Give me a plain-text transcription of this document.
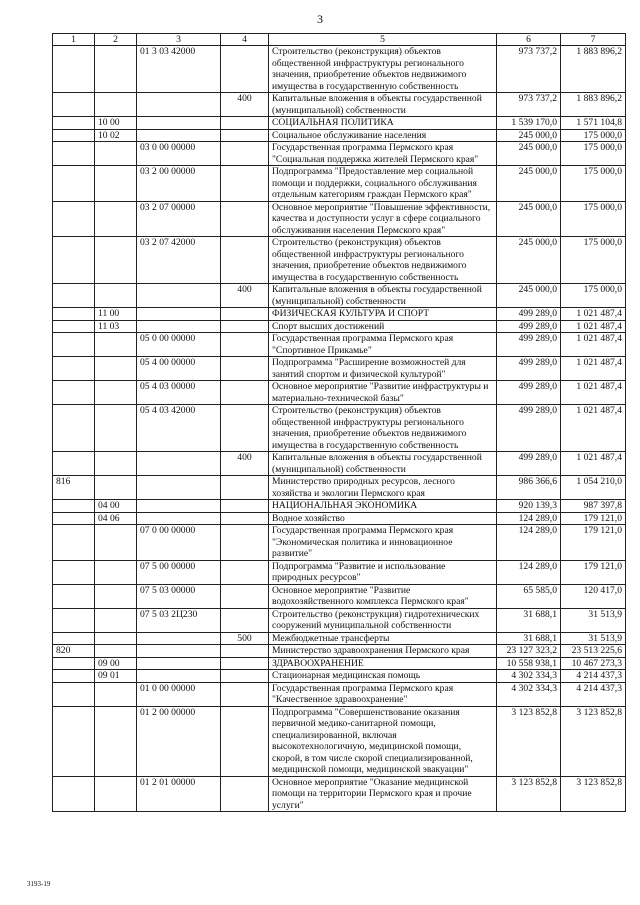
3
1	2	3	4	5	6	7
		01 3 03 42000		Строительство (реконструкция) объектов общественной инфраструктуры регионального значения, приобретение объектов недвижимого имущества в государственную собственность	973 737,2	1 883 896,2
			400	Капитальные вложения в объекты государственной (муниципальной) собственности	973 737,2	1 883 896,2
	10 00			СОЦИАЛЬНАЯ ПОЛИТИКА	1 539 170,0	1 571 104,8
	10 02			Социальное обслуживание населения	245 000,0	175 000,0
		03 0 00 00000		Государственная программа Пермского края "Социальная поддержка жителей Пермского края"	245 000,0	175 000,0
		03 2 00 00000		Подпрограмма "Предоставление мер социальной помощи и поддержки, социального обслуживания отдельным категориям граждан Пермского края"	245 000,0	175 000,0
		03 2 07 00000		Основное мероприятие "Повышение эффективности, качества и доступности услуг в сфере социального обслуживания населения Пермского края"	245 000,0	175 000,0
		03 2 07 42000		Строительство (реконструкция) объектов общественной инфраструктуры регионального значения, приобретение объектов недвижимого имущества в государственную собственность	245 000,0	175 000,0
			400	Капитальные вложения в объекты государственной (муниципальной) собственности	245 000,0	175 000,0
	11 00			ФИЗИЧЕСКАЯ КУЛЬТУРА И СПОРТ	499 289,0	1 021 487,4
	11 03			Спорт высших достижений	499 289,0	1 021 487,4
		05 0 00 00000		Государственная программа Пермского края "Спортивное Прикамье"	499 289,0	1 021 487,4
		05 4 00 00000		Подпрограмма "Расширение возможностей для занятий спортом и физической культурой"	499 289,0	1 021 487,4
		05 4 03 00000		Основное мероприятие "Развитие инфраструктуры и материально-технической базы"	499 289,0	1 021 487,4
		05 4 03 42000		Строительство (реконструкция) объектов общественной инфраструктуры регионального значения, приобретение объектов недвижимого имущества в государственную собственность	499 289,0	1 021 487,4
			400	Капитальные вложения в объекты государственной (муниципальной) собственности	499 289,0	1 021 487,4
816				Министерство природных ресурсов, лесного хозяйства и экологии Пермского края	986 366,6	1 054 210,0
	04 00			НАЦИОНАЛЬНАЯ ЭКОНОМИКА	920 139,3	987 397,8
	04 06			Водное хозяйство	124 289,0	179 121,0
		07 0 00 00000		Государственная программа Пермского края "Экономическая политика и инновационное развитие"	124 289,0	179 121,0
		07 5 00 00000		Подпрограмма "Развитие и использование природных ресурсов"	124 289,0	179 121,0
		07 5 03 00000		Основное мероприятие "Развитие водохозяйственного комплекса Пермского края"	65 585,0	120 417,0
		07 5 03 2Ц230		Строительство (реконструкция) гидротехнических сооружений муниципальной собственности	31 688,1	31 513,9
			500	Межбюджетные трансферты	31 688,1	31 513,9
820				Министерство здравоохранения Пермского края	23 127 323,2	23 513 225,6
	09 00			ЗДРАВООХРАНЕНИЕ	10 558 938,1	10 467 273,3
	09 01			Стационарная медицинская помощь	4 302 334,3	4 214 437,3
		01 0 00 00000		Государственная программа Пермского края "Качественное здравоохранение"	4 302 334,3	4 214 437,3
		01 2 00 00000		Подпрограмма "Совершенствование оказания первичной медико-санитарной помощи, специализированной, включая высокотехнологичную, медицинской помощи, скорой, в том числе скорой специализированной, медицинской помощи, медицинской эвакуации"	3 123 852,8	3 123 852,8
		01 2 01 00000		Основное мероприятие "Оказание медицинской помощи на территории Пермского края и прочие услуги"	3 123 852,8	3 123 852,8
3193-19
